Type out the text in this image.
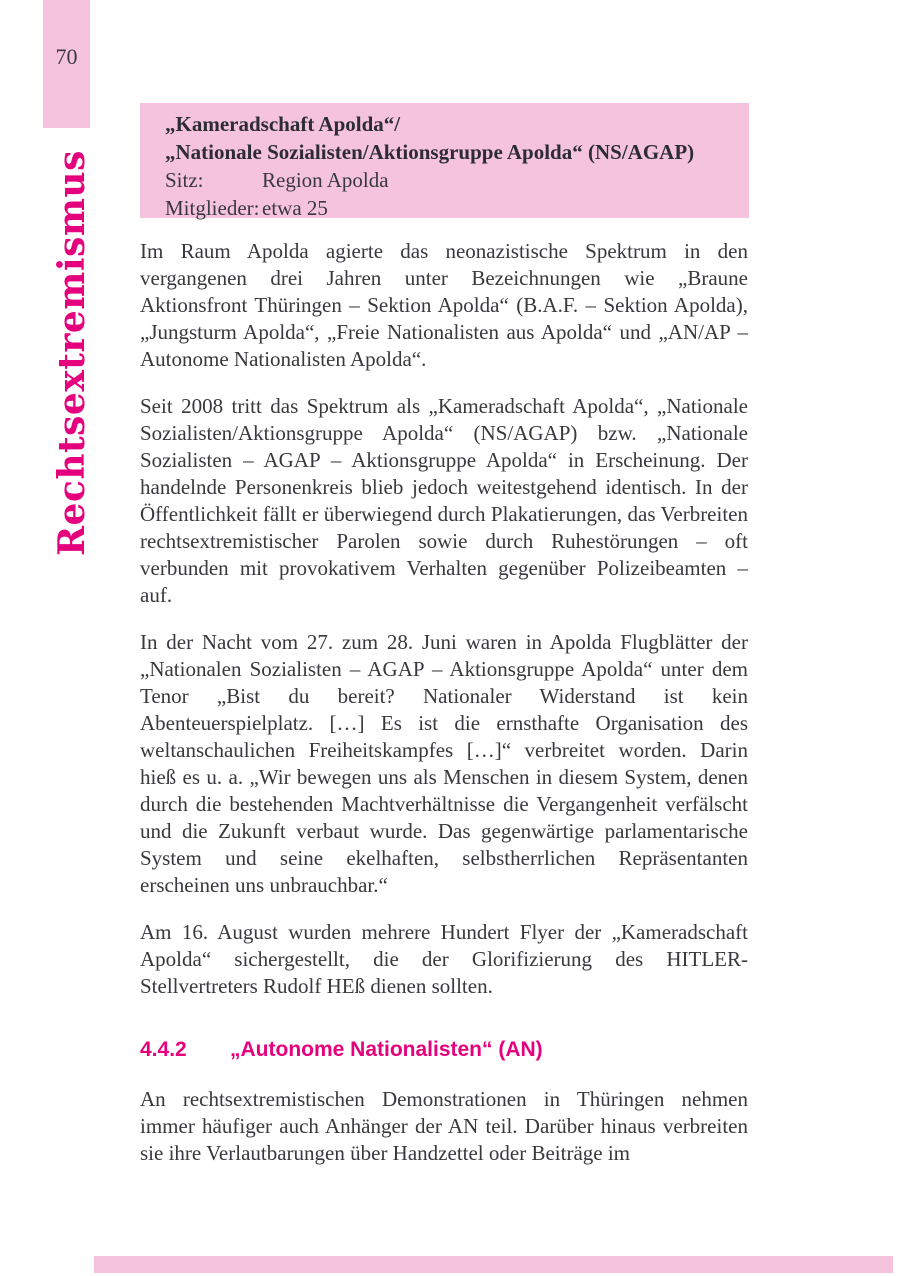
70
Rechtsextremismus
„Kameradschaft Apolda“/
„Nationale Sozialisten/Aktionsgruppe Apolda“ (NS/AGAP)
Sitz:	Region Apolda
Mitglieder: etwa 25

Im Raum Apolda agierte das neonazistische Spektrum in den vergangenen drei Jahren unter Bezeichnungen wie „Braune Aktionsfront Thüringen – Sektion Apolda“ (B.A.F. – Sektion Apolda), „Jungsturm Apolda“, „Freie Nationalisten aus Apolda“ und „AN/AP – Autonome Nationalisten Apolda“.

Seit 2008 tritt das Spektrum als „Kameradschaft Apolda“, „Nationale Sozialisten/Aktionsgruppe Apolda“ (NS/AGAP) bzw. „Nationale Sozialisten – AGAP – Aktionsgruppe Apolda“ in Erscheinung. Der handelnde Personenkreis blieb jedoch weitestgehend identisch. In der Öffentlichkeit fällt er überwiegend durch Plakatierungen, das Verbreiten rechtsextremistischer Parolen sowie durch Ruhestörungen – oft verbunden mit provokativem Verhalten gegenüber Polizeibeamten – auf.

In der Nacht vom 27. zum 28. Juni waren in Apolda Flugblätter der „Nationalen Sozialisten – AGAP – Aktionsgruppe Apolda“ unter dem Tenor „Bist du bereit? Nationaler Widerstand ist kein Abenteuerspielplatz. […] Es ist die ernsthafte Organisation des weltanschaulichen Freiheitskampfes […]“ verbreitet worden. Darin hieß es u. a. „Wir bewegen uns als Menschen in diesem System, denen durch die bestehenden Machtverhältnisse die Vergangenheit verfälscht und die Zukunft verbaut wurde. Das gegenwärtige parlamentarische System und seine ekelhaften, selbstherrlichen Repräsentanten erscheinen uns unbrauchbar.“

Am 16. August wurden mehrere Hundert Flyer der „Kameradschaft Apolda“ sichergestellt, die der Glorifizierung des HITLER-Stellvertreters Rudolf HEß dienen sollten.

4.4.2 „Autonome Nationalisten“ (AN)

An rechtsextremistischen Demonstrationen in Thüringen nehmen immer häufiger auch Anhänger der AN teil. Darüber hinaus verbreiten sie ihre Verlautbarungen über Handzettel oder Beiträge im
